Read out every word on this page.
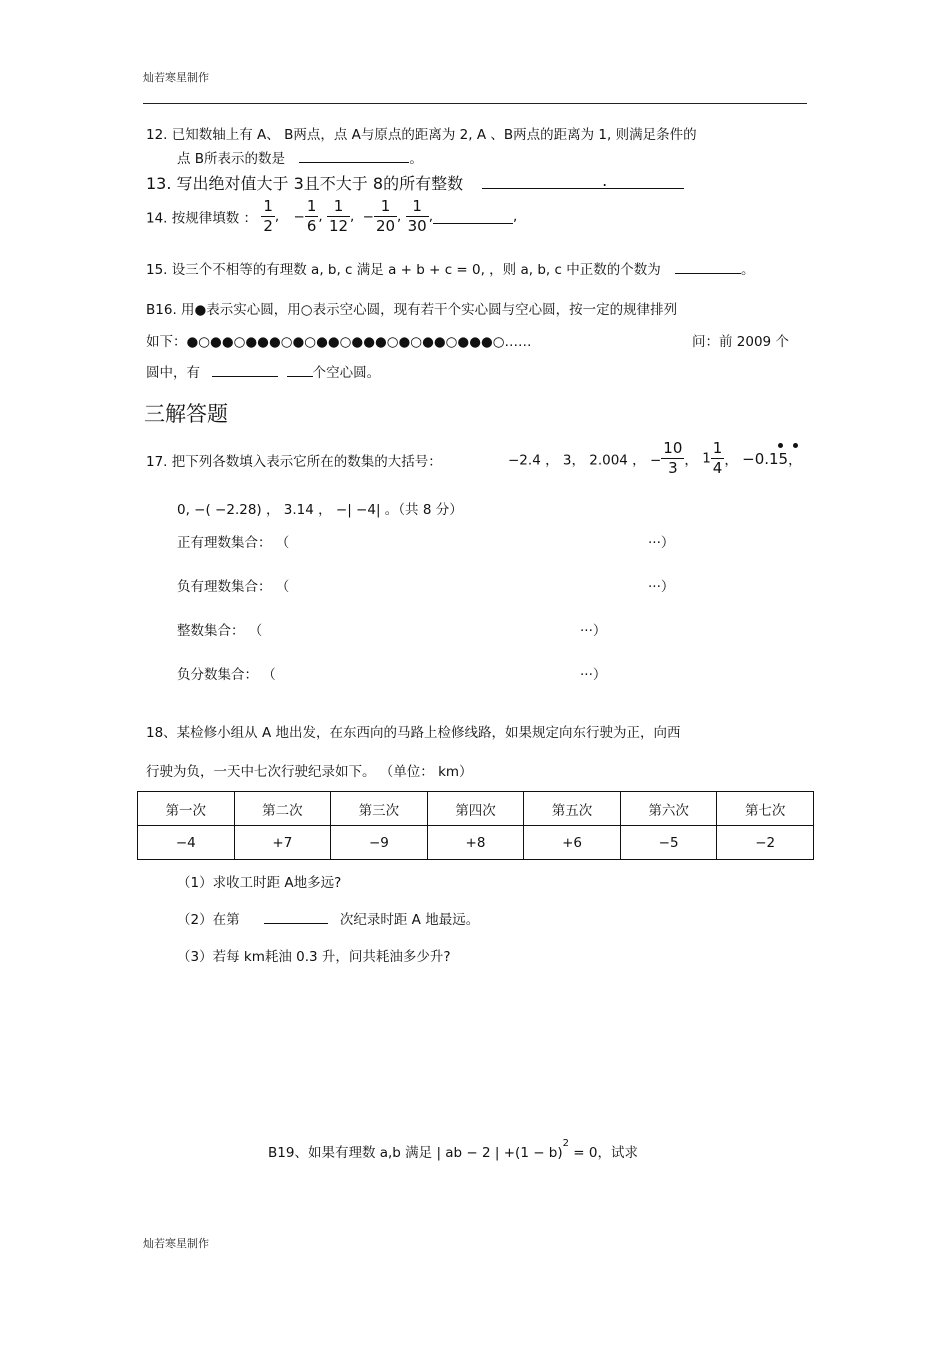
灿若寒星制作
12. 已知数轴上有 A、 B两点，点 A与原点的距离为 2, A 、B两点的距离为 1, 则满足条件的
点 B所表示的数是	。
13. 写出绝对值大于 3且不大于 8的所有整数	.
14. 按规律填数 ： $\frac{1}{2}$ , − $\frac{1}{6}$ , $\frac{1}{12}$ , − $\frac{1}{20}$ , $\frac{1}{30}$ ,	,
15. 设三个不相等的有理数 a, b, c 满足 a + b + c = 0, ，则 a, b, c 中正数的个数为	。
B16. 用●表示实心圆，用○表示空心圆，现有若干个实心圆与空心圆，按一定的规律排列
如下：●○●●○●●●○●○●●○●●●○●○●●○●●●○……	问：前 2009 个
圆中，有	个空心圆。
三解答题
17. 把下列各数填入表示它所在的数集的大括号：	−2.4 ， 3， 2.004 ， − $\frac{10}{3}$ ， $1 \frac{1}{4}$ ， −0.15，
0, −( −2.28) ， 3.14 ， −| −4| 。（共 8 分）
正有理数集合： （	···）
负有理数集合： （	···）
整数集合： （	···）
负分数集合： （	···）
18、某检修小组从 A 地出发，在东西向的马路上检修线路，如果规定向东行驶为正，向西
行驶为负，一天中七次行驶纪录如下。 （单位： km）
第一次	第二次	第三次	第四次	第五次	第六次	第七次
−4	+7	−9	+8	+6	−5	−2
（1）求收工时距 A地多远?
（2）在第	次纪录时距 A 地最远。
（3）若每 km耗油 0.3 升，问共耗油多少升?
B19、如果有理数 a,b 满足 | ab − 2 | $+(1 - b)^2 = 0$，试求
灿若寒星制作
